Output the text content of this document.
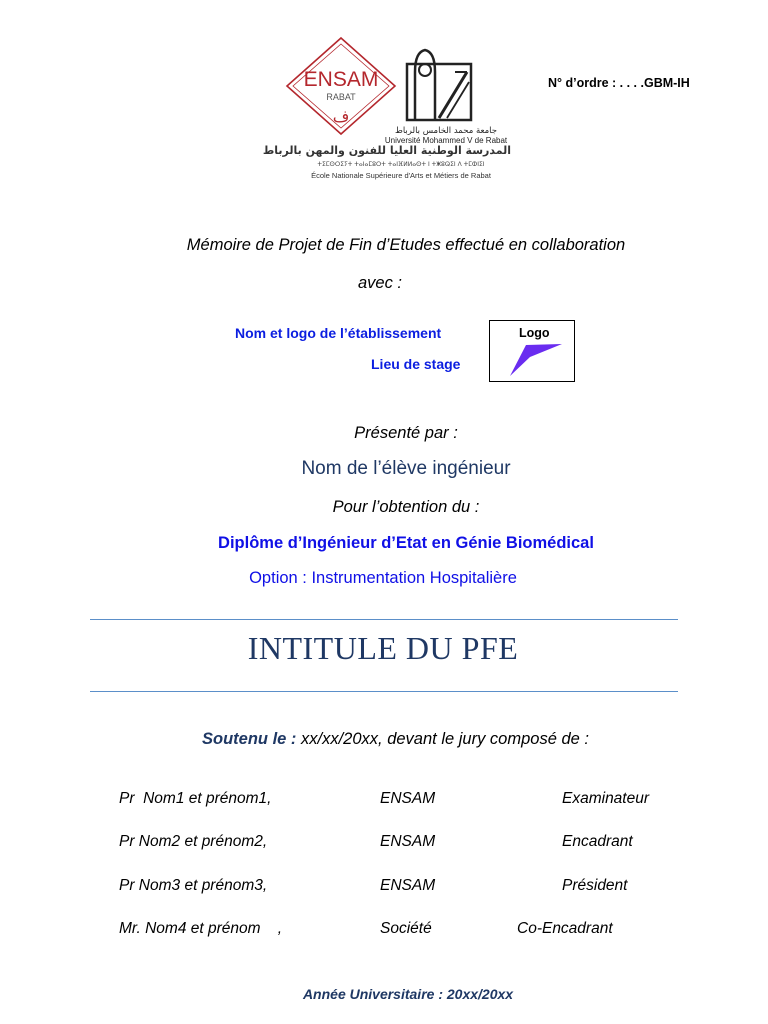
ENSAM
RABAT
ف
جامعة محمد الخامس بالرباط
Université Mohammed V de Rabat
المدرسة الوطنية العليا للفنون والمهن بالرباط
ⵜⵉⵎⵙⵔⵉⵢⵜ ⵜⴰⵏⴰⵎⵓⵔⵜ ⵜⴰⵏⴼⵍⵍⴰⵙⵜ ⵏ ⵜⵥⵓⵕⵉⵏ ⴷ ⵜⵎⵀⵏⵉⵏ
École Nationale Supérieure d'Arts et Métiers de Rabat
N° d’ordre : . . . .GBM-IH
Mémoire de Projet de Fin d’Etudes effectué en collaboration
avec :
Nom et logo de l’établissement
Lieu de stage
Logo
Présenté par :
Nom de l’élève ingénieur
Pour l’obtention du :
Diplôme d’Ingénieur d’Etat en Génie Biomédical
Option : Instrumentation Hospitalière
INTITULE DU PFE
Soutenu le : xx/xx/20xx, devant le jury composé de :
Pr  Nom1 et prénom1,	ENSAM	Examinateur
Pr Nom2 et prénom2,	ENSAM	Encadrant
Pr Nom3 et prénom3,	ENSAM	Président
Mr. Nom4 et prénom    ,	Société	Co-Encadrant
Année Universitaire : 20xx/20xx
